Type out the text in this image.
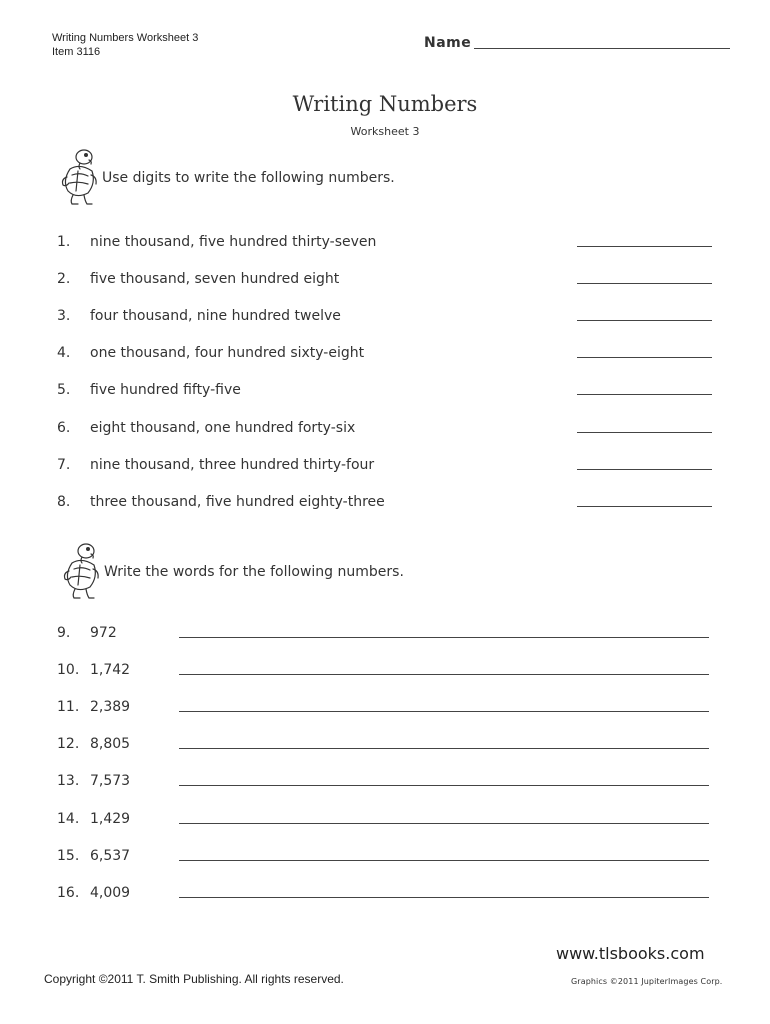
Writing Numbers Worksheet 3
Item 3116
Name
Writing Numbers
Worksheet 3
Use digits to write the following numbers.
1. nine thousand, five hundred thirty-seven
2. five thousand, seven hundred eight
3. four thousand, nine hundred twelve
4. one thousand, four hundred sixty-eight
5. five hundred fifty-five
6. eight thousand, one hundred forty-six
7. nine thousand, three hundred thirty-four
8. three thousand, five hundred eighty-three
Write the words for the following numbers.
9. 972
10. 1,742
11. 2,389
12. 8,805
13. 7,573
14. 1,429
15. 6,537
16. 4,009
www.tlsbooks.com
Copyright ©2011 T. Smith Publishing. All rights reserved.	Graphics ©2011 JupiterImages Corp.
